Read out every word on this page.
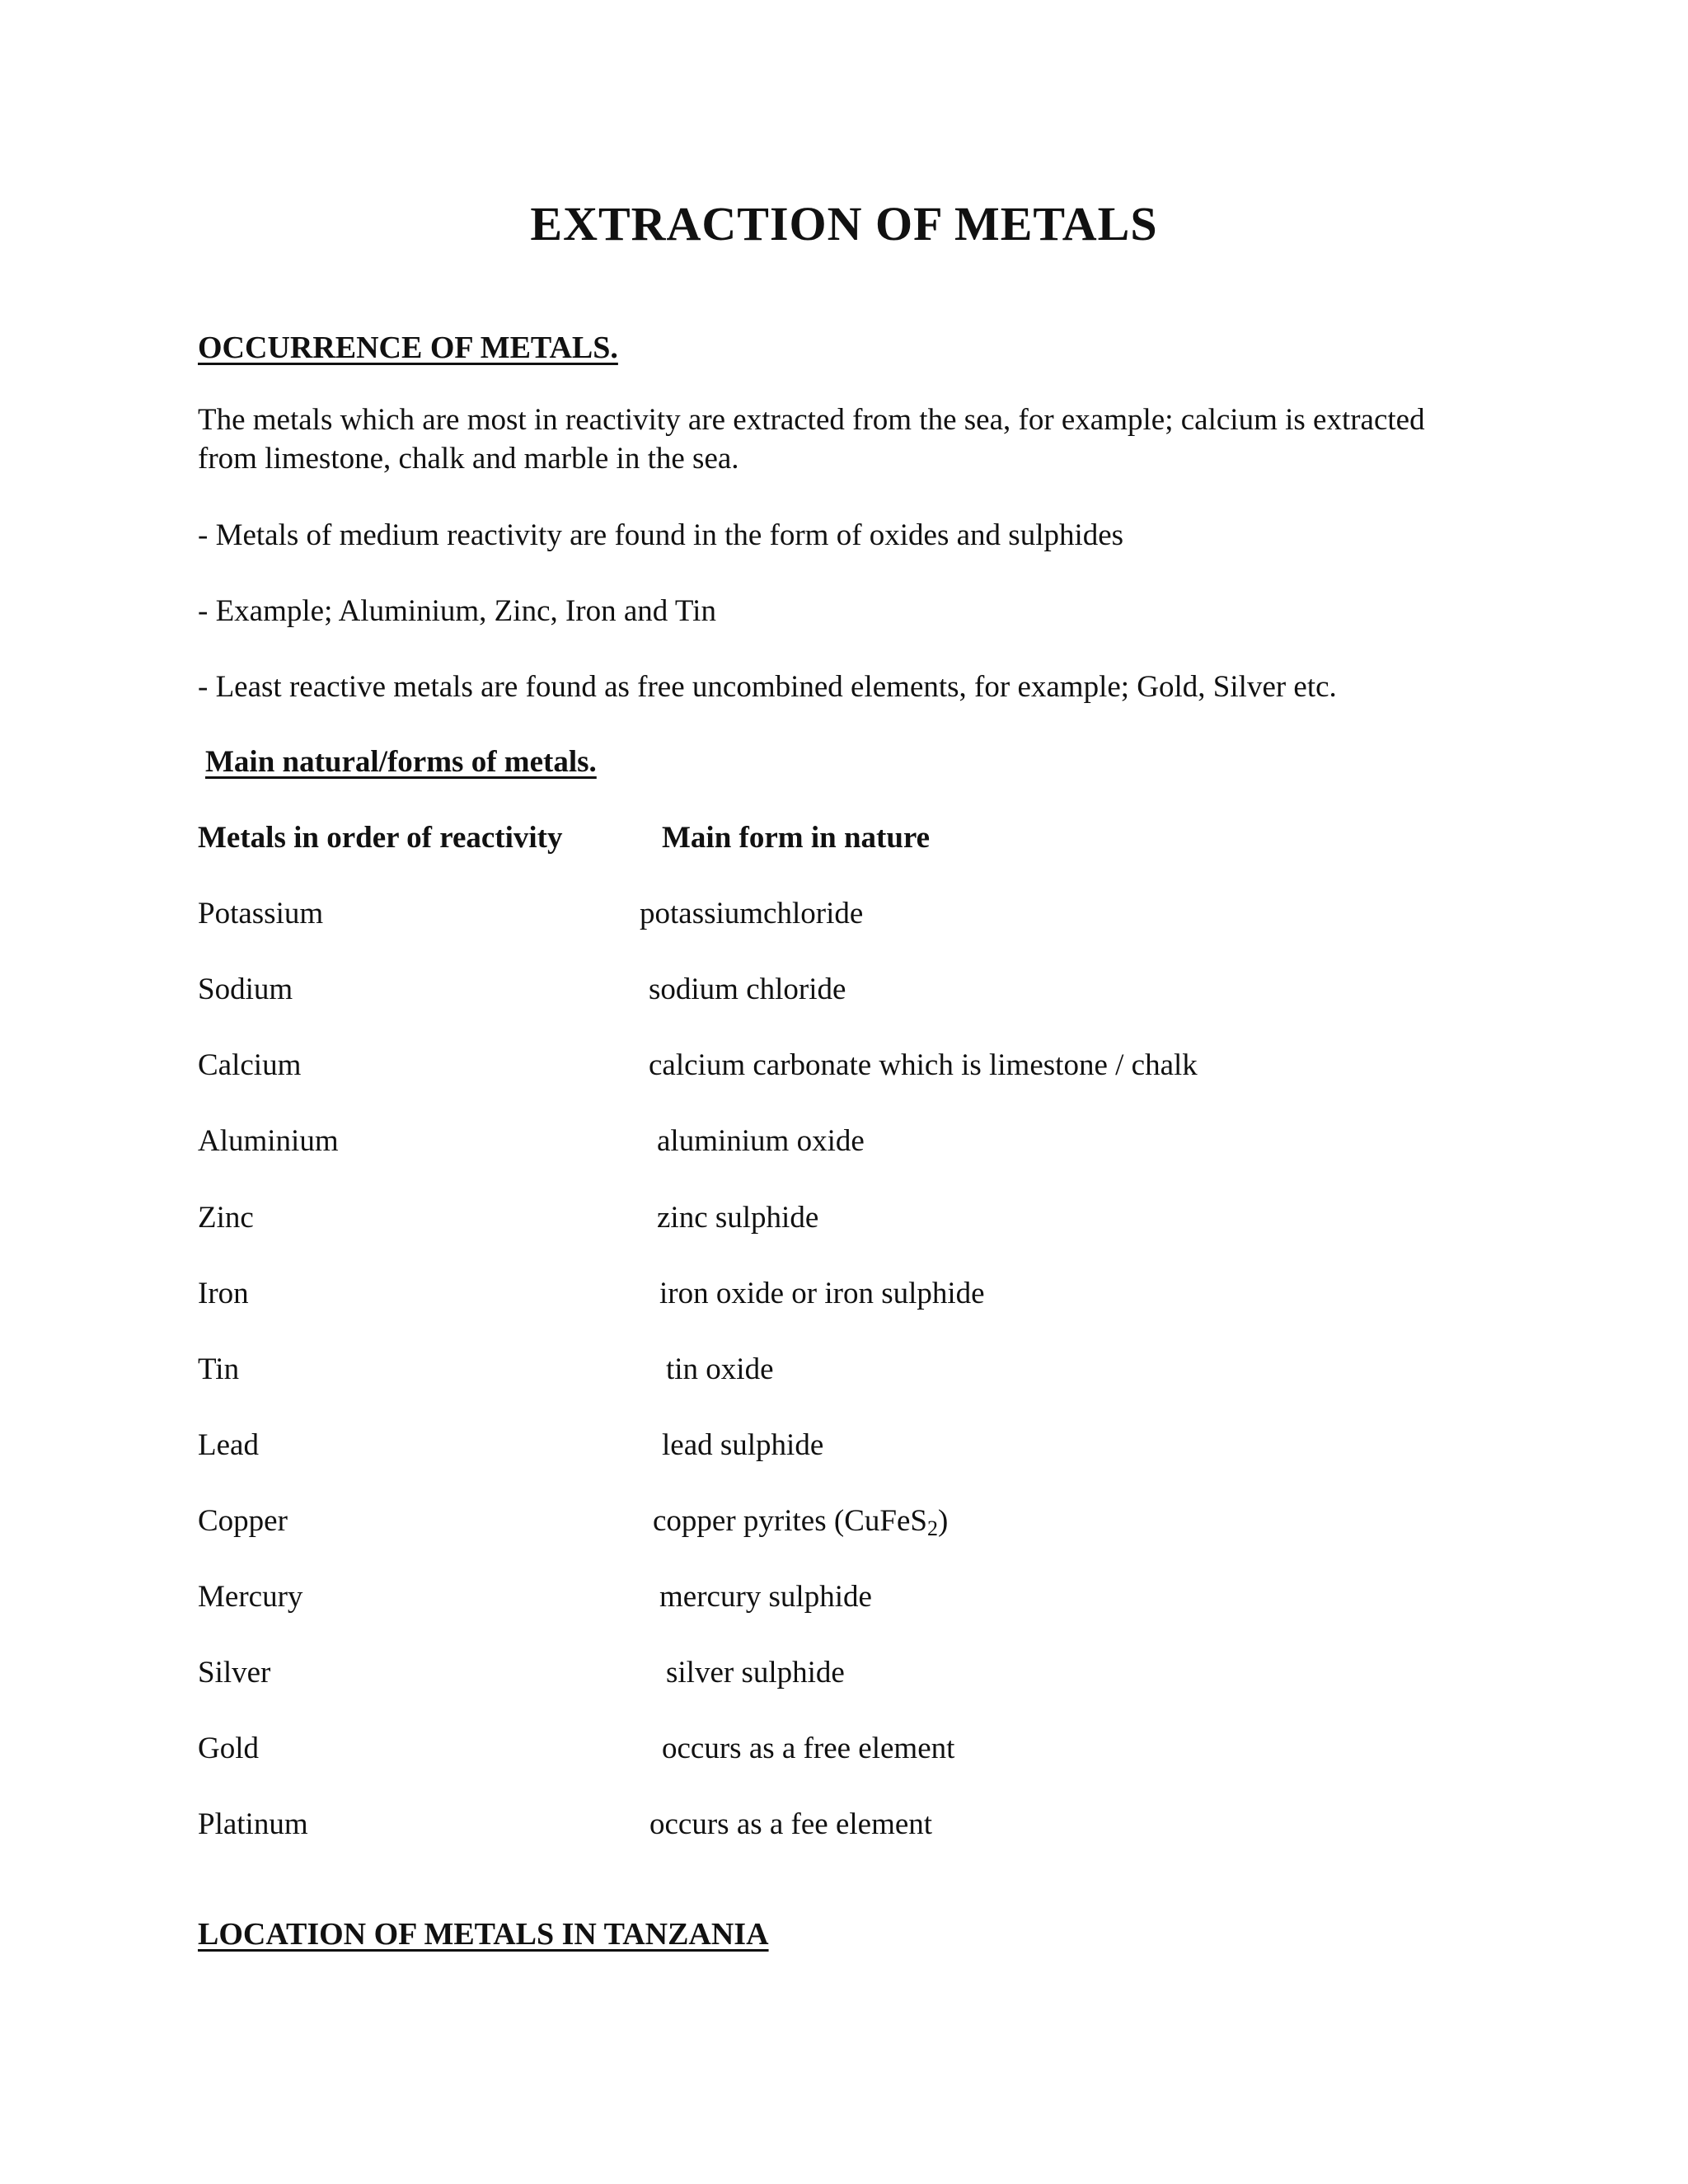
EXTRACTION OF METALS
OCCURRENCE OF METALS.
The metals which are most in reactivity are extracted from the sea, for example; calcium is extracted from limestone, chalk and marble in the sea.
- Metals of medium reactivity are found in the form of oxides and sulphides
- Example; Aluminium, Zinc, Iron and Tin
- Least reactive metals are found as free uncombined elements, for example; Gold, Silver etc.
Main natural/forms of metals.
Metals in order of reactivity	Main form in nature
Potassium	potassiumchloride
Sodium	sodium chloride
Calcium	calcium carbonate which is limestone / chalk
Aluminium	aluminium oxide
Zinc	zinc sulphide
Iron	iron oxide or iron sulphide
Tin	tin oxide
Lead	lead sulphide
Copper	copper pyrites (CuFeS$_2$)
Mercury	mercury sulphide
Silver	silver sulphide
Gold	occurs as a free element
Platinum	occurs as a fee element
LOCATION OF METALS IN TANZANIA
